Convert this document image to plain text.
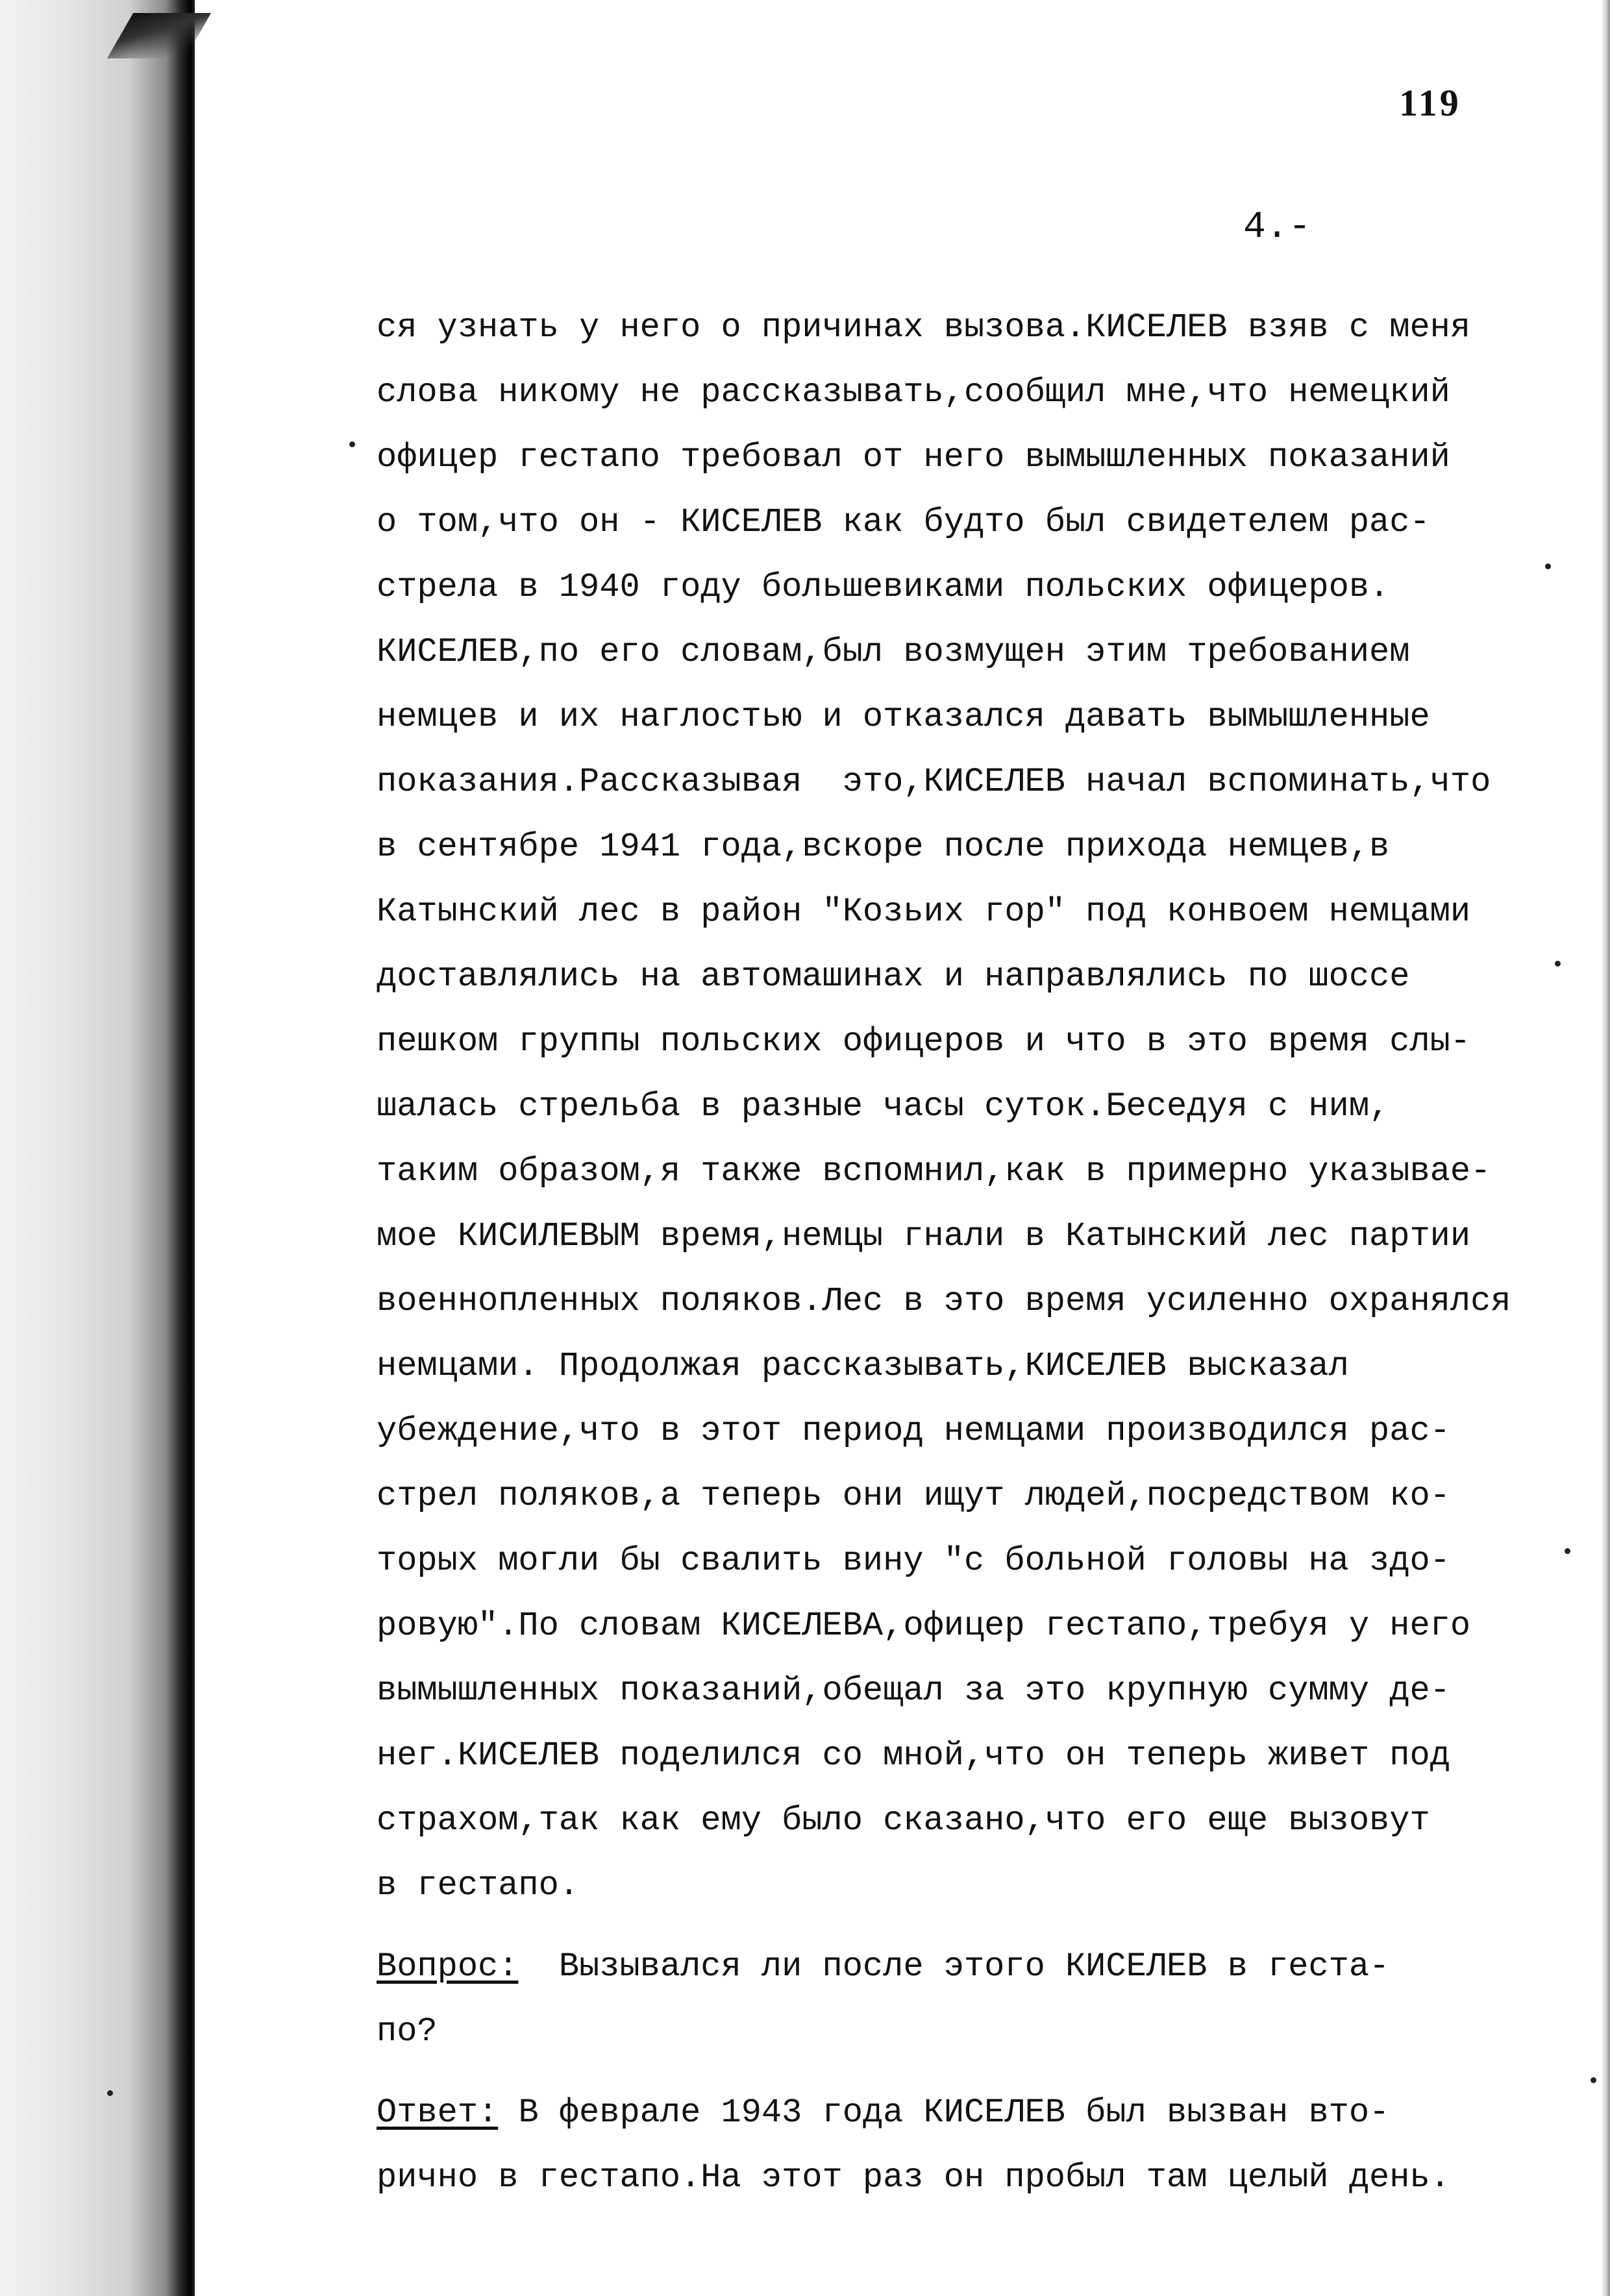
119
4.-
ся узнать у него о причинах вызова.КИСЕЛЕВ взяв с меня
слова никому не рассказывать,сообщил мне,что немецкий
офицер гестапо требовал от него вымышленных показаний
о том,что он - КИСЕЛЕВ как будто был свидетелем рас-
стрела в 1940 году большевиками польских офицеров.
КИСЕЛЕВ,по его словам,был возмущен этим требованием
немцев и их наглостью и отказался давать вымышленные
показания.Рассказывая  это,КИСЕЛЕВ начал вспоминать,что
в сентябре 1941 года,вскоре после прихода немцев,в
Катынский лес в район "Козьих гор" под конвоем немцами
доставлялись на автомашинах и направлялись по шоссе
пешком группы польских офицеров и что в это время слы-
шалась стрельба в разные часы суток.Беседуя с ним,
таким образом,я также вспомнил,как в примерно указывае-
мое КИСИЛЕВЫМ время,немцы гнали в Катынский лес партии
военнопленных поляков.Лес в это время усиленно охранялся
немцами. Продолжая рассказывать,КИСЕЛЕВ высказал
убеждение,что в этот период немцами производился рас-
стрел поляков,а теперь они ищут людей,посредством ко-
торых могли бы свалить вину "с больной головы на здо-
ровую".По словам КИСЕЛЕВА,офицер гестапо,требуя у него
вымышленных показаний,обещал за это крупную сумму де-
нег.КИСЕЛЕВ поделился со мной,что он теперь живет под
страхом,так как ему было сказано,что его еще вызовут
в гестапо.
Вопрос:  Вызывался ли после этого КИСЕЛЕВ в геста-
по?
Ответ: В феврале 1943 года КИСЕЛЕВ был вызван вто-
рично в гестапо.На этот раз он пробыл там целый день.
